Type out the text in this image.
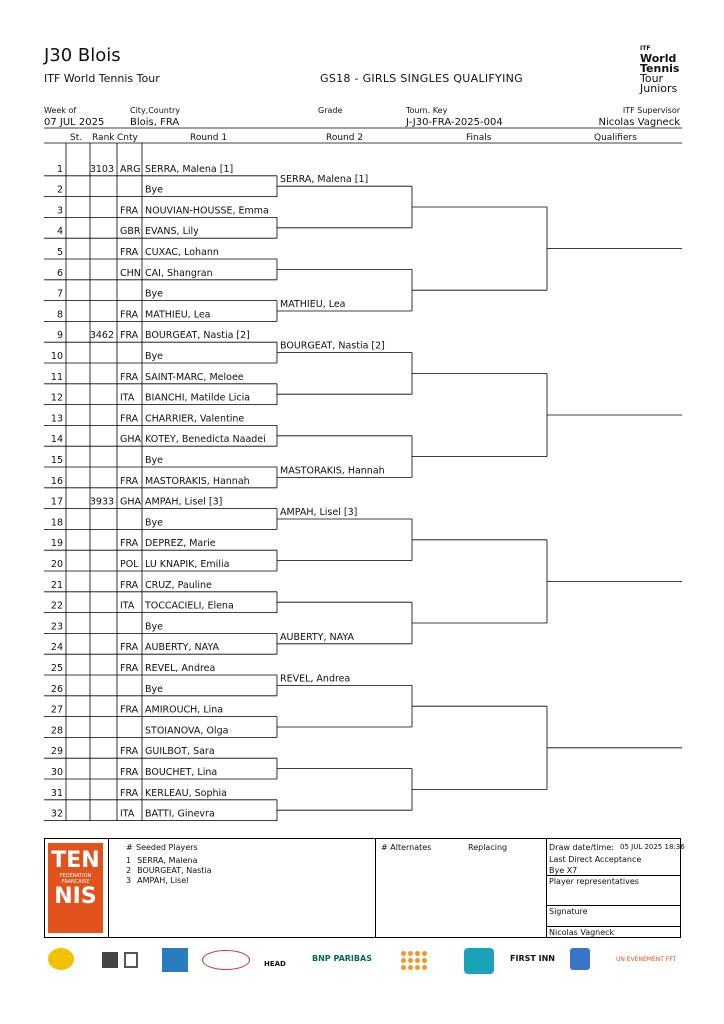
J30 Blois
ITF World Tennis Tour	GS18 - GIRLS SINGLES QUALIFYING
ITF
World
Tennis
Tour
Juniors
Week of
07 JUL 2025
City,Country
Blois, FRA
Grade	Tourn. Key
J-J30-FRA-2025-004
ITF Supervisor
Nicolas Vagneck
St. Rank Cnty	Round 1	Round 2	Finals	Qualifiers
1	3103 ARG SERRA, Malena [1]
2	Bye
3	FRA NOUVIAN-HOUSSE, Emma
4	GBR EVANS, Lily
5	FRA CUXAC, Lohann
6	CHN CAI, Shangran
7	Bye
8	FRA MATHIEU, Lea
9	3462 FRA BOURGEAT, Nastia [2]
10	Bye
11	FRA SAINT-MARC, Meloee
12	ITA BIANCHI, Matilde Licia
13	FRA CHARRIER, Valentine
14	GHA KOTEY, Benedicta Naadei
15	Bye
16	FRA MASTORAKIS, Hannah
17	3933 GHA AMPAH, Lisel [3]
18	Bye
19	FRA DEPREZ, Marie
20	POL LU KNAPIK, Emilia
21	FRA CRUZ, Pauline
22	ITA TOCCACIELI, Elena
23	Bye
24	FRA AUBERTY, NAYA
25	FRA REVEL, Andrea
26	Bye
27	FRA AMIROUCH, Lina
28	STOIANOVA, Olga
29	FRA GUILBOT, Sara
30	FRA BOUCHET, Lina
31	FRA KERLEAU, Sophia
32	ITA BATTI, Ginevra
SERRA, Malena [1]
MATHIEU, Lea
BOURGEAT, Nastia [2]
MASTORAKIS, Hannah
AMPAH, Lisel [3]
AUBERTY, NAYA
REVEL, Andrea
TEN
FEDERATION
FRANCAISE
NIS
# Seeded Players
1 SERRA, Malena
2 BOURGEAT, Nastia
3 AMPAH, Lisel
# Alternates	Replacing	Draw date/time: 05 JUL 2025 18:36
Last Direct Acceptance
Bye X7
Player representatives
Signature
Nicolas Vagneck
HEAD
BNP PARIBAS	FIRST INN	UN ÉVÉNEMENT FFT
